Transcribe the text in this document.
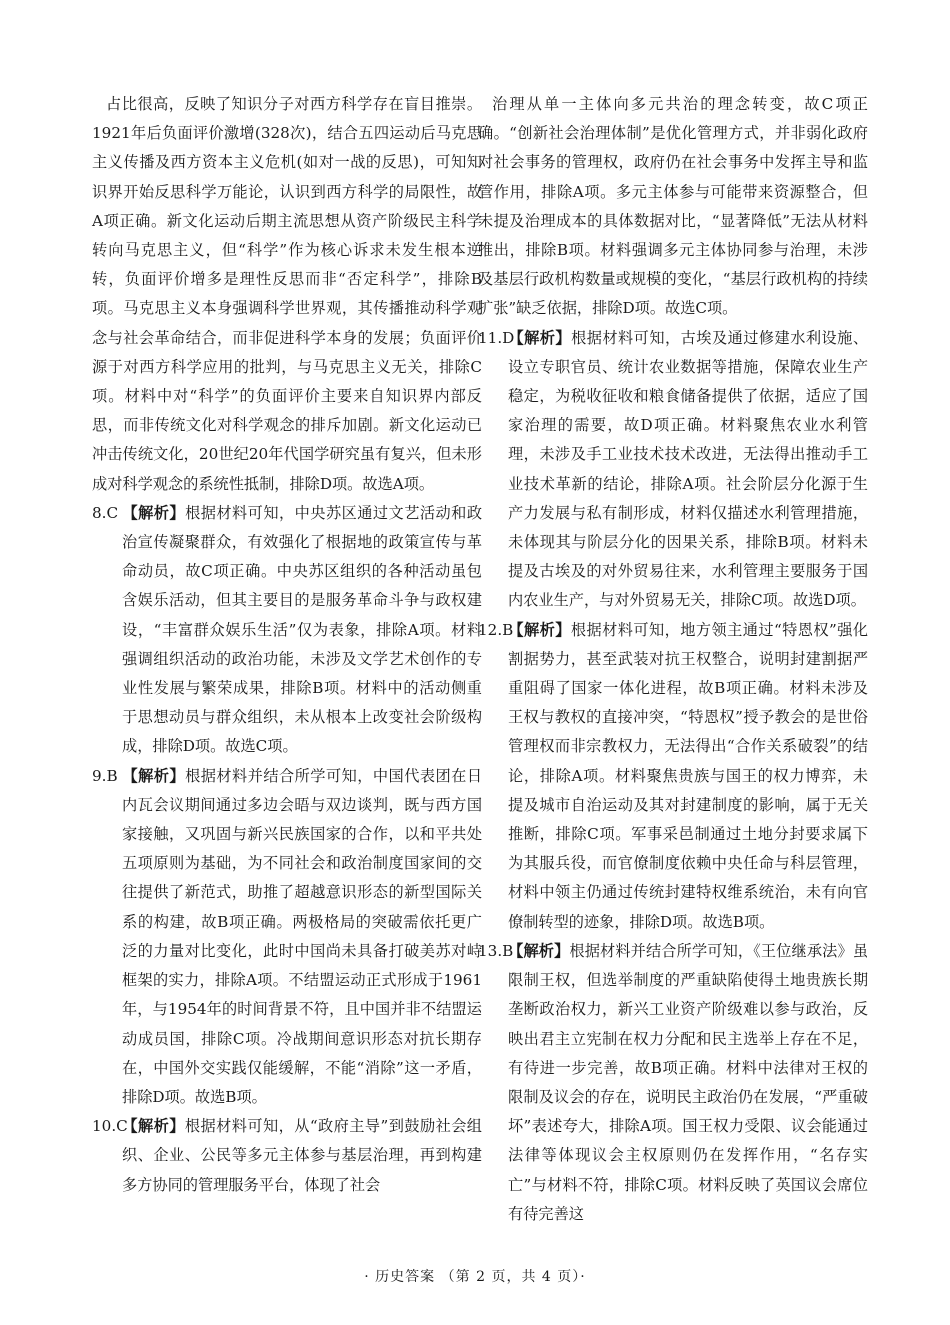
占比很高，反映了知识分子对西方科学存在盲目推崇。1921年后负面评价激增(328次)，结合五四运动后马克思主义传播及西方资本主义危机(如对一战的反思)，可知知识界开始反思科学万能论，认识到西方科学的局限性，故A项正确。新文化运动后期主流思想从资产阶级民主科学转向马克思主义，但“科学”作为核心诉求未发生根本逆转，负面评价增多是理性反思而非“否定科学”，排除B项。马克思主义本身强调科学世界观，其传播推动科学观念与社会革命结合，而非促进科学本身的发展；负面评价源于对西方科学应用的批判，与马克思主义无关，排除C项。材料中对“科学”的负面评价主要来自知识界内部反思，而非传统文化对科学观念的排斥加剧。新文化运动已冲击传统文化，20世纪20年代国学研究虽有复兴，但未形成对科学观念的系统性抵制，排除D项。故选A项。

8.C 【解析】根据材料可知，中央苏区通过文艺活动和政治宣传凝聚群众，有效强化了根据地的政策宣传与革命动员，故C项正确。中央苏区组织的各种活动虽包含娱乐活动，但其主要目的是服务革命斗争与政权建设，“丰富群众娱乐生活”仅为表象，排除A项。材料强调组织活动的政治功能，未涉及文学艺术创作的专业性发展与繁荣成果，排除B项。材料中的活动侧重于思想动员与群众组织，未从根本上改变社会阶级构成，排除D项。故选C项。

9.B 【解析】根据材料并结合所学可知，中国代表团在日内瓦会议期间通过多边会晤与双边谈判，既与西方国家接触，又巩固与新兴民族国家的合作，以和平共处五项原则为基础，为不同社会和政治制度国家间的交往提供了新范式，助推了超越意识形态的新型国际关系的构建，故B项正确。两极格局的突破需依托更广泛的力量对比变化，此时中国尚未具备打破美苏对峙框架的实力，排除A项。不结盟运动正式形成于1961年，与1954年的时间背景不符，且中国并非不结盟运动成员国，排除C项。冷战期间意识形态对抗长期存在，中国外交实践仅能缓解，不能“消除”这一矛盾，排除D项。故选B项。

10.C【解析】根据材料可知，从“政府主导”到鼓励社会组织、企业、公民等多元主体参与基层治理，再到构建多方协同的管理服务平台，体现了社会

治理从单一主体向多元共治的理念转变，故C项正确。“创新社会治理体制”是优化管理方式，并非弱化政府对社会事务的管理权，政府仍在社会事务中发挥主导和监管作用，排除A项。多元主体参与可能带来资源整合，但未提及治理成本的具体数据对比，“显著降低”无法从材料推出，排除B项。材料强调多元主体协同参与治理，未涉及基层行政机构数量或规模的变化，“基层行政机构的持续扩张”缺乏依据，排除D项。故选C项。

11.D【解析】根据材料可知，古埃及通过修建水利设施、设立专职官员、统计农业数据等措施，保障农业生产稳定，为税收征收和粮食储备提供了依据，适应了国家治理的需要，故D项正确。材料聚焦农业水利管理，未涉及手工业技术技术改进，无法得出推动手工业技术革新的结论，排除A项。社会阶层分化源于生产力发展与私有制形成，材料仅描述水利管理措施，未体现其与阶层分化的因果关系，排除B项。材料未提及古埃及的对外贸易往来，水利管理主要服务于国内农业生产，与对外贸易无关，排除C项。故选D项。

12.B【解析】根据材料可知，地方领主通过“特恩权”强化割据势力，甚至武装对抗王权整合，说明封建割据严重阻碍了国家一体化进程，故B项正确。材料未涉及王权与教权的直接冲突，“特恩权”授予教会的是世俗管理权而非宗教权力，无法得出“合作关系破裂”的结论，排除A项。材料聚焦贵族与国王的权力博弈，未提及城市自治运动及其对封建制度的影响，属于无关推断，排除C项。军事采邑制通过土地分封要求属下为其服兵役，而官僚制度依赖中央任命与科层管理，材料中领主仍通过传统封建特权维系统治，未有向官僚制转型的迹象，排除D项。故选B项。

13.B【解析】根据材料并结合所学可知，《王位继承法》虽限制王权，但选举制度的严重缺陷使得土地贵族长期垄断政治权力，新兴工业资产阶级难以参与政治，反映出君主立宪制在权力分配和民主选举上存在不足，有待进一步完善，故B项正确。材料中法律对王权的限制及议会的存在，说明民主政治仍在发展，“严重破坏”表述夸大，排除A项。国王权力受限、议会能通过法律等体现议会主权原则仍在发挥作用，“名存实亡”与材料不符，排除C项。材料反映了英国议会席位有待完善这

· 历史答案 （第 2 页，共 4 页）·
